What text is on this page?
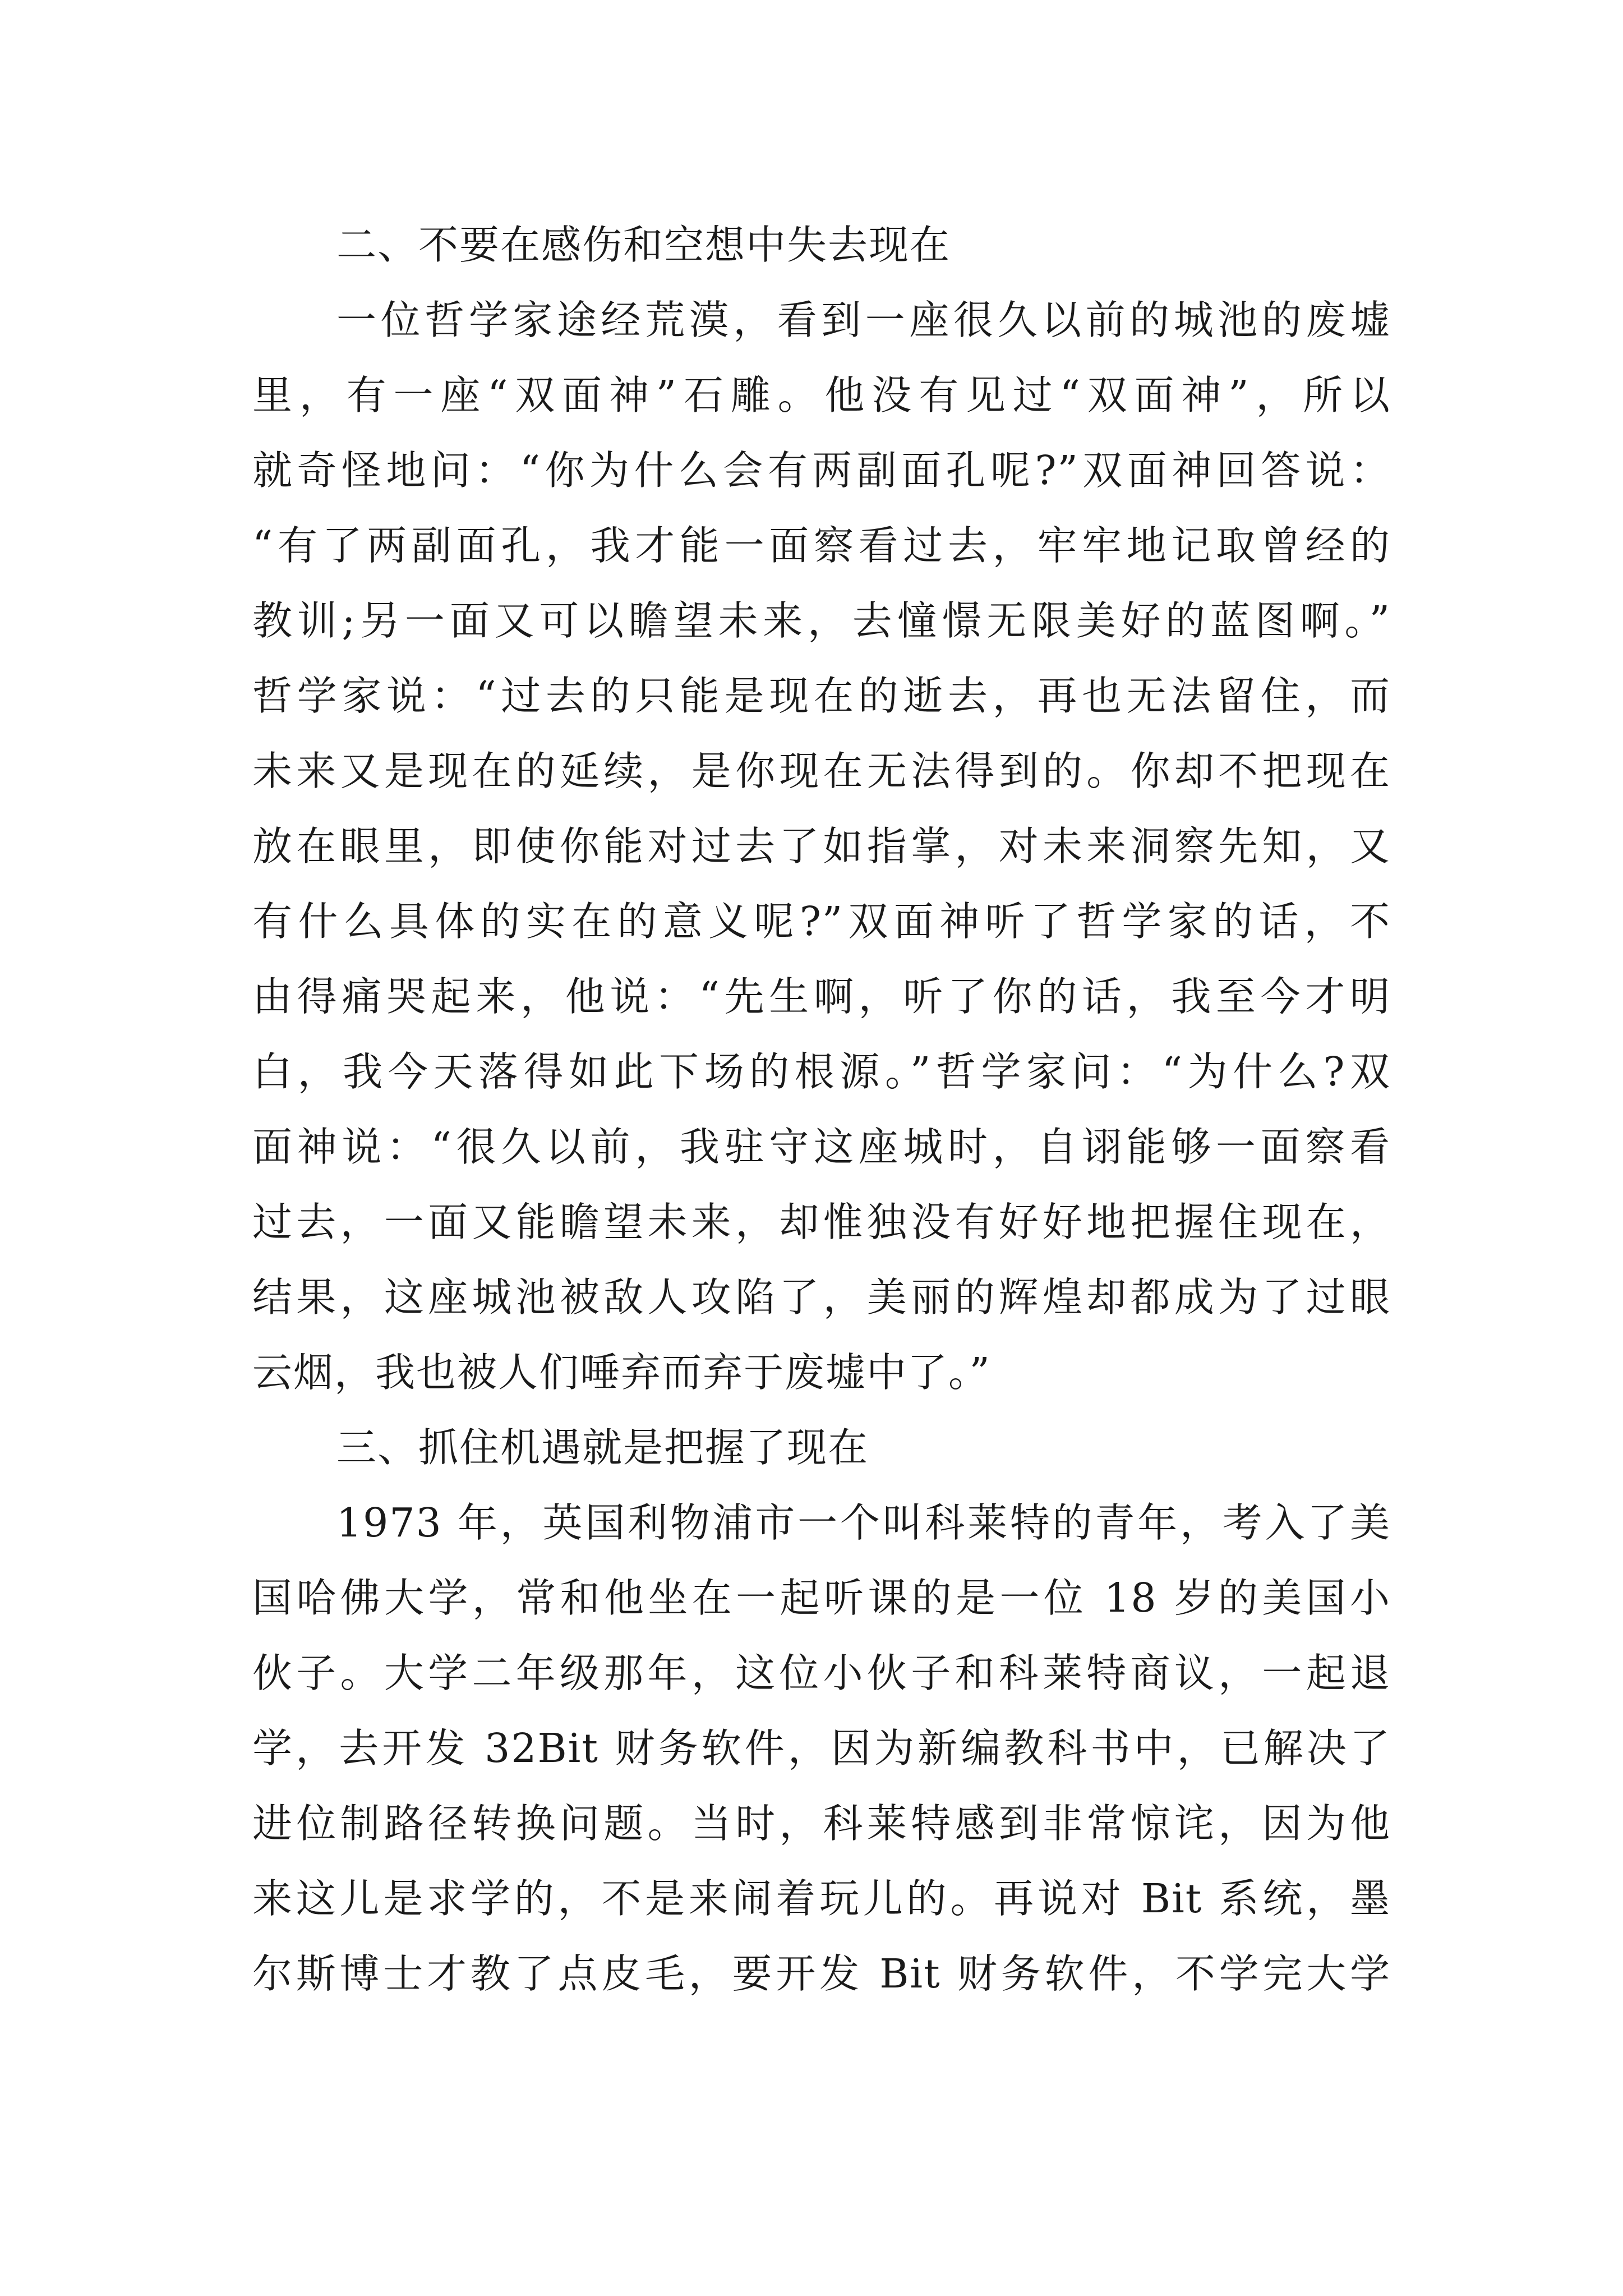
二、不要在感伤和空想中失去现在
一位哲学家途经荒漠，看到一座很久以前的城池的废墟
里，有一座“双面神”石雕。他没有见过“双面神”，所以
就奇怪地问：“你为什么会有两副面孔呢?”双面神回答说：
“有了两副面孔，我才能一面察看过去，牢牢地记取曾经的
教训;另一面又可以瞻望未来，去憧憬无限美好的蓝图啊。”
哲学家说：“过去的只能是现在的逝去，再也无法留住，而
未来又是现在的延续，是你现在无法得到的。你却不把现在
放在眼里，即使你能对过去了如指掌，对未来洞察先知，又
有什么具体的实在的意义呢?”双面神听了哲学家的话，不
由得痛哭起来，他说：“先生啊，听了你的话，我至今才明
白，我今天落得如此下场的根源。”哲学家问：“为什么?双
面神说：“很久以前，我驻守这座城时，自诩能够一面察看
过去，一面又能瞻望未来，却惟独没有好好地把握住现在，
结果，这座城池被敌人攻陷了，美丽的辉煌却都成为了过眼
云烟，我也被人们唾弃而弃于废墟中了。”
三、抓住机遇就是把握了现在
1973 年，英国利物浦市一个叫科莱特的青年，考入了美
国哈佛大学，常和他坐在一起听课的是一位 18 岁的美国小
伙子。大学二年级那年，这位小伙子和科莱特商议，一起退
学，去开发 32Bit 财务软件，因为新编教科书中，已解决了
进位制路径转换问题。当时，科莱特感到非常惊诧，因为他
来这儿是求学的，不是来闹着玩儿的。再说对 Bit 系统，墨
尔斯博士才教了点皮毛，要开发 Bit 财务软件，不学完大学
